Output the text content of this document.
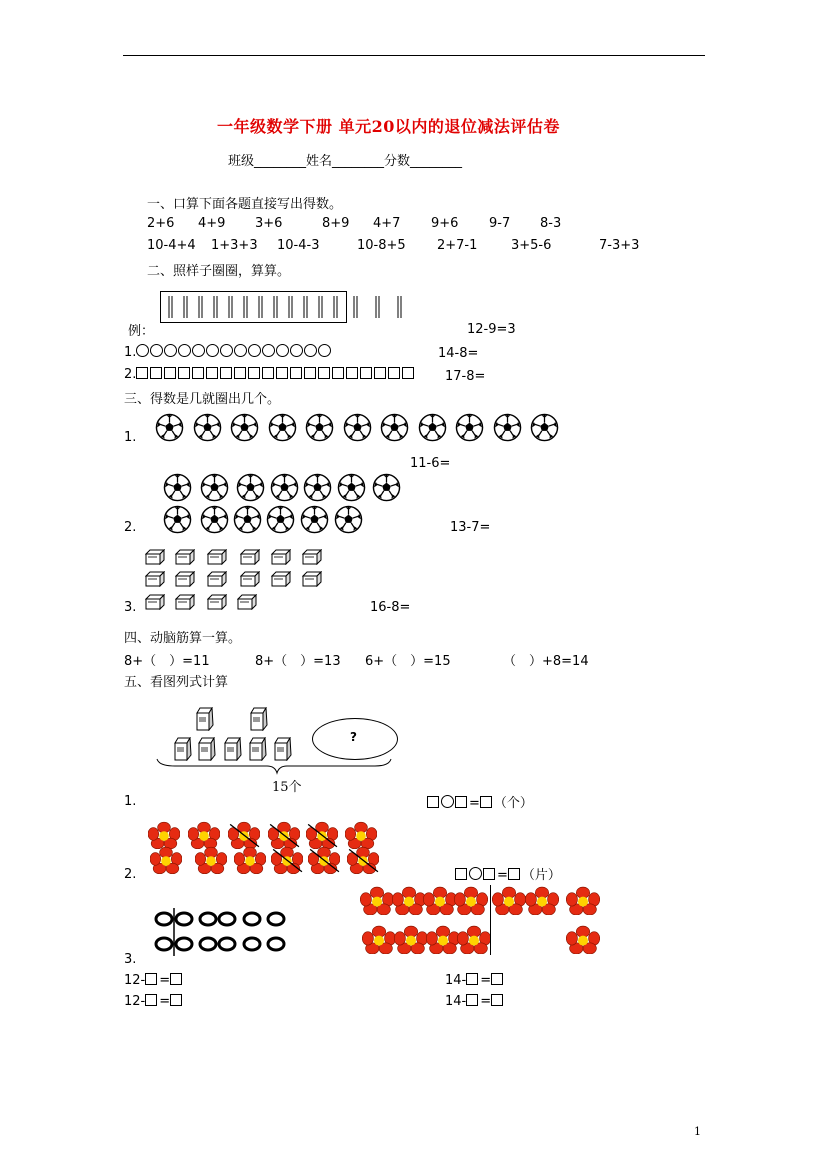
一年级数学下册 单元20以内的退位减法评估卷
班级________姓名________分数________
一、口算下面各题直接写出得数。
2+6 4+9 3+6	8+9 4+7 9+6 9-7 8-3
10-4+4 1+3+3 10-4-3	10-8+5 2+7-1	3+5-6	7-3+3
二、照样子圈圈，算算。
例：	12-9=3
1.	14-8=
2.	17-8=
三、得数是几就圈出几个。
1.
11-6=
2.	13-7=
3.	16-8=
四、动脑筋算一算。
8+（　）=11	8+（　）=13 6+（　）=15	（　）+8=14
五、看图列式计算
?
15个
1.	= （个）
2.	= （片）
3.
12- =	14- =
12- =	14- =
1
